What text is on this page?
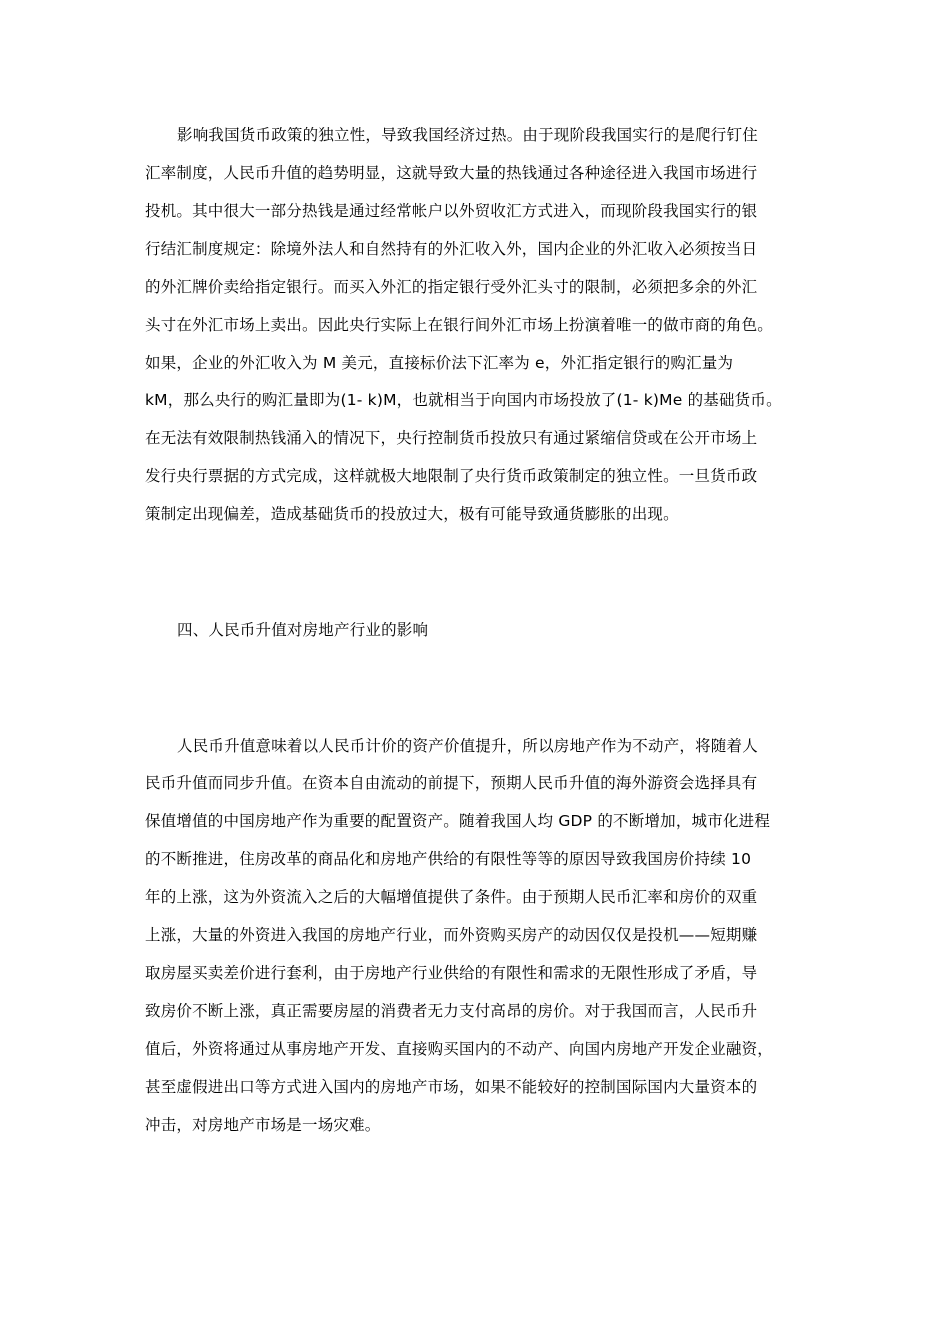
影响我国货币政策的独立性，导致我国经济过热。由于现阶段我国实行的是爬行钉住
汇率制度，人民币升值的趋势明显，这就导致大量的热钱通过各种途径进入我国市场进行
投机。其中很大一部分热钱是通过经常帐户以外贸收汇方式进入，而现阶段我国实行的银
行结汇制度规定：除境外法人和自然持有的外汇收入外，国内企业的外汇收入必须按当日
的外汇牌价卖给指定银行。而买入外汇的指定银行受外汇头寸的限制，必须把多余的外汇
头寸在外汇市场上卖出。因此央行实际上在银行间外汇市场上扮演着唯一的做市商的角色。
如果，企业的外汇收入为 M 美元，直接标价法下汇率为 e，外汇指定银行的购汇量为
kM，那么央行的购汇量即为(1- k)M，也就相当于向国内市场投放了(1- k)Me 的基础货币。
在无法有效限制热钱涌入的情况下，央行控制货币投放只有通过紧缩信贷或在公开市场上
发行央行票据的方式完成，这样就极大地限制了央行货币政策制定的独立性。一旦货币政
策制定出现偏差，造成基础货币的投放过大，极有可能导致通货膨胀的出现。
四、人民币升值对房地产行业的影响
人民币升值意味着以人民币计价的资产价值提升，所以房地产作为不动产，将随着人
民币升值而同步升值。在资本自由流动的前提下，预期人民币升值的海外游资会选择具有
保值增值的中国房地产作为重要的配置资产。随着我国人均 GDP 的不断增加，城市化进程
的不断推进，住房改革的商品化和房地产供给的有限性等等的原因导致我国房价持续 10
年的上涨，这为外资流入之后的大幅增值提供了条件。由于预期人民币汇率和房价的双重
上涨，大量的外资进入我国的房地产行业，而外资购买房产的动因仅仅是投机——短期赚
取房屋买卖差价进行套利，由于房地产行业供给的有限性和需求的无限性形成了矛盾，导
致房价不断上涨，真正需要房屋的消费者无力支付高昂的房价。对于我国而言，人民币升
值后，外资将通过从事房地产开发、直接购买国内的不动产、向国内房地产开发企业融资，
甚至虚假进出口等方式进入国内的房地产市场，如果不能较好的控制国际国内大量资本的
冲击，对房地产市场是一场灾难。
